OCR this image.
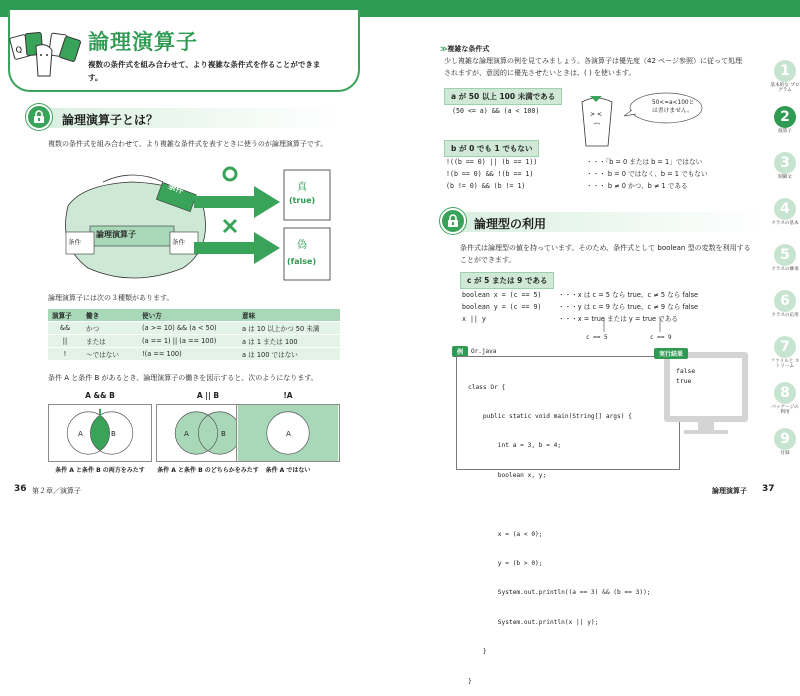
Q	論理演算子
複数の条件式を組み合わせて、より複雑な条件式を作ることができま
す。
論理演算子とは？
複数の条件式を組み合わせて、より複雑な条件式を表すときに使うのが論理演算子です。
条件
論理演算子
条件	条件
真
(true)
偽
(false)
論理演算子には次の３種類があります。
演算子	働き	使い方	意味
&&	かつ	(a >= 10) && (a < 50)	a は 10 以上かつ 50 未満
||	または	(a == 1) || (a == 100)	a は 1 または 100
!	～ではない	!(a == 100)	a は 100 ではない
条件 A と条件 B があるとき、論理演算子の働きを図示すると、次のようになります。
A && B
A	B
条件 A と条件 B の両方をみたす
A || B
A	B
条件 A と条件 B のどちらかをみたす
!A
A
条件 A ではない
36 第２章／演算子
≫複雑な条件式
少し複雑な論理演算の例を見てみましょう。各演算子は優先度（42 ページ参照）に従って処理
されますが、意図的に優先させたいときは、( ) を使います。
a が 50 以上 100 未満である
(50 <= a) && (a < 100)	> <
50<=a<100と
は書けません。
b が 0 でも 1 でもない
!((b == 0) || (b == 1))	・・・「b = 0 または b = 1」ではない
!(b == 0) && !(b == 1)	・・・ b = 0 ではなく、b = 1 でもない
(b != 0) && (b != 1)	・・・ b ≠ 0 かつ、b ≠ 1 である
論理型の利用
条件式は論理型の値を持っています。そのため、条件式として boolean 型の変数を利用する
ことができます。
c が 5 または 9 である
boolean x = (c == 5)	・・・x は c = 5 なら true、c ≠ 5 なら false
boolean y = (c == 9)	・・・y は c = 9 なら true、c ≠ 9 なら false
x || y	・・・x = true または y = true である
c == 5	c == 9
例	Or.java

class Or {

public static void main(String[] args) {

int a = 3, b = 4;

boolean x, y;

x = (a < 0);

y = (b > 0);

System.out.println((a == 3) && (b == 3));

System.out.println(x || y);

}

}

実行結果
false
true
論理演算子 37
1
基本的な プログラム
2
演算子
3
制御文
4
クラスの基本
5
クラスの継承
6
クラスの応用
7
ファイルと ストリーム
8
パッケージの 利用
9
付録
